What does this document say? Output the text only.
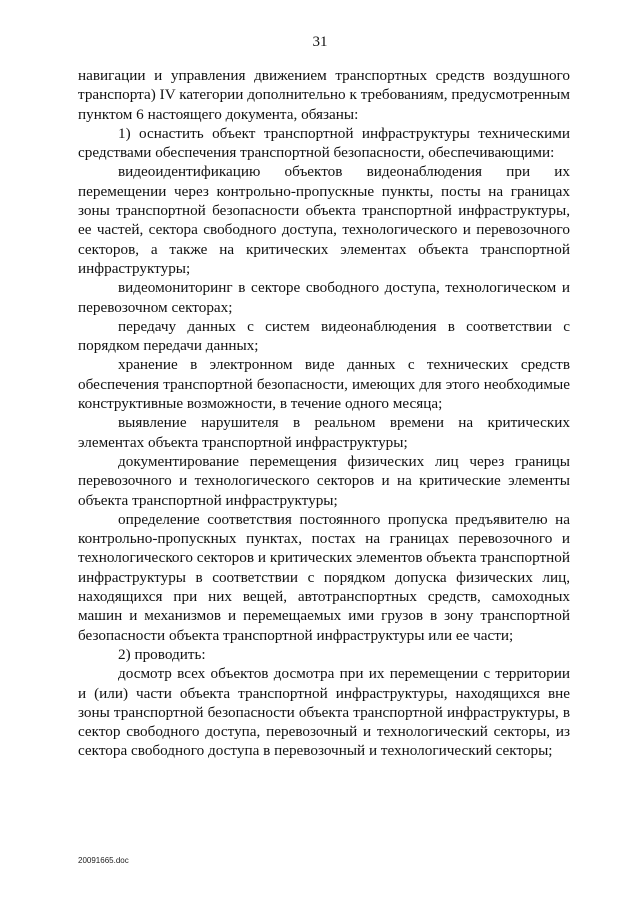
31

навигации и управления движением транспортных средств воздушного транспорта) IV категории дополнительно к требованиям, предусмотренным пунктом 6 настоящего документа, обязаны:

1) оснастить объект транспортной инфраструктуры техническими средствами обеспечения транспортной безопасности, обеспечивающими:

видеоидентификацию объектов видеонаблюдения при их перемещении через контрольно-пропускные пункты, посты на границах зоны транспортной безопасности объекта транспортной инфраструктуры, ее частей, сектора свободного доступа, технологического и перевозочного секторов, а также на критических элементах объекта транспортной инфраструктуры;

видеомониторинг в секторе свободного доступа, технологическом и перевозочном секторах;

передачу данных с систем видеонаблюдения в соответствии с порядком передачи данных;

хранение в электронном виде данных с технических средств обеспечения транспортной безопасности, имеющих для этого необходимые конструктивные возможности, в течение одного месяца;

выявление нарушителя в реальном времени на критических элементах объекта транспортной инфраструктуры;

документирование перемещения физических лиц через границы перевозочного и технологического секторов и на критические элементы объекта транспортной инфраструктуры;

определение соответствия постоянного пропуска предъявителю на контрольно-пропускных пунктах, постах на границах перевозочного и технологического секторов и критических элементов объекта транспортной инфраструктуры в соответствии с порядком допуска физических лиц, находящихся при них вещей, автотранспортных средств, самоходных машин и механизмов и перемещаемых ими грузов в зону транспортной безопасности объекта транспортной инфраструктуры или ее части;

2) проводить:

досмотр всех объектов досмотра при их перемещении с территории и (или) части объекта транспортной инфраструктуры, находящихся вне зоны транспортной безопасности объекта транспортной инфраструктуры, в сектор свободного доступа, перевозочный и технологический секторы, из сектора свободного доступа в перевозочный и технологический секторы;

20091665.doc
